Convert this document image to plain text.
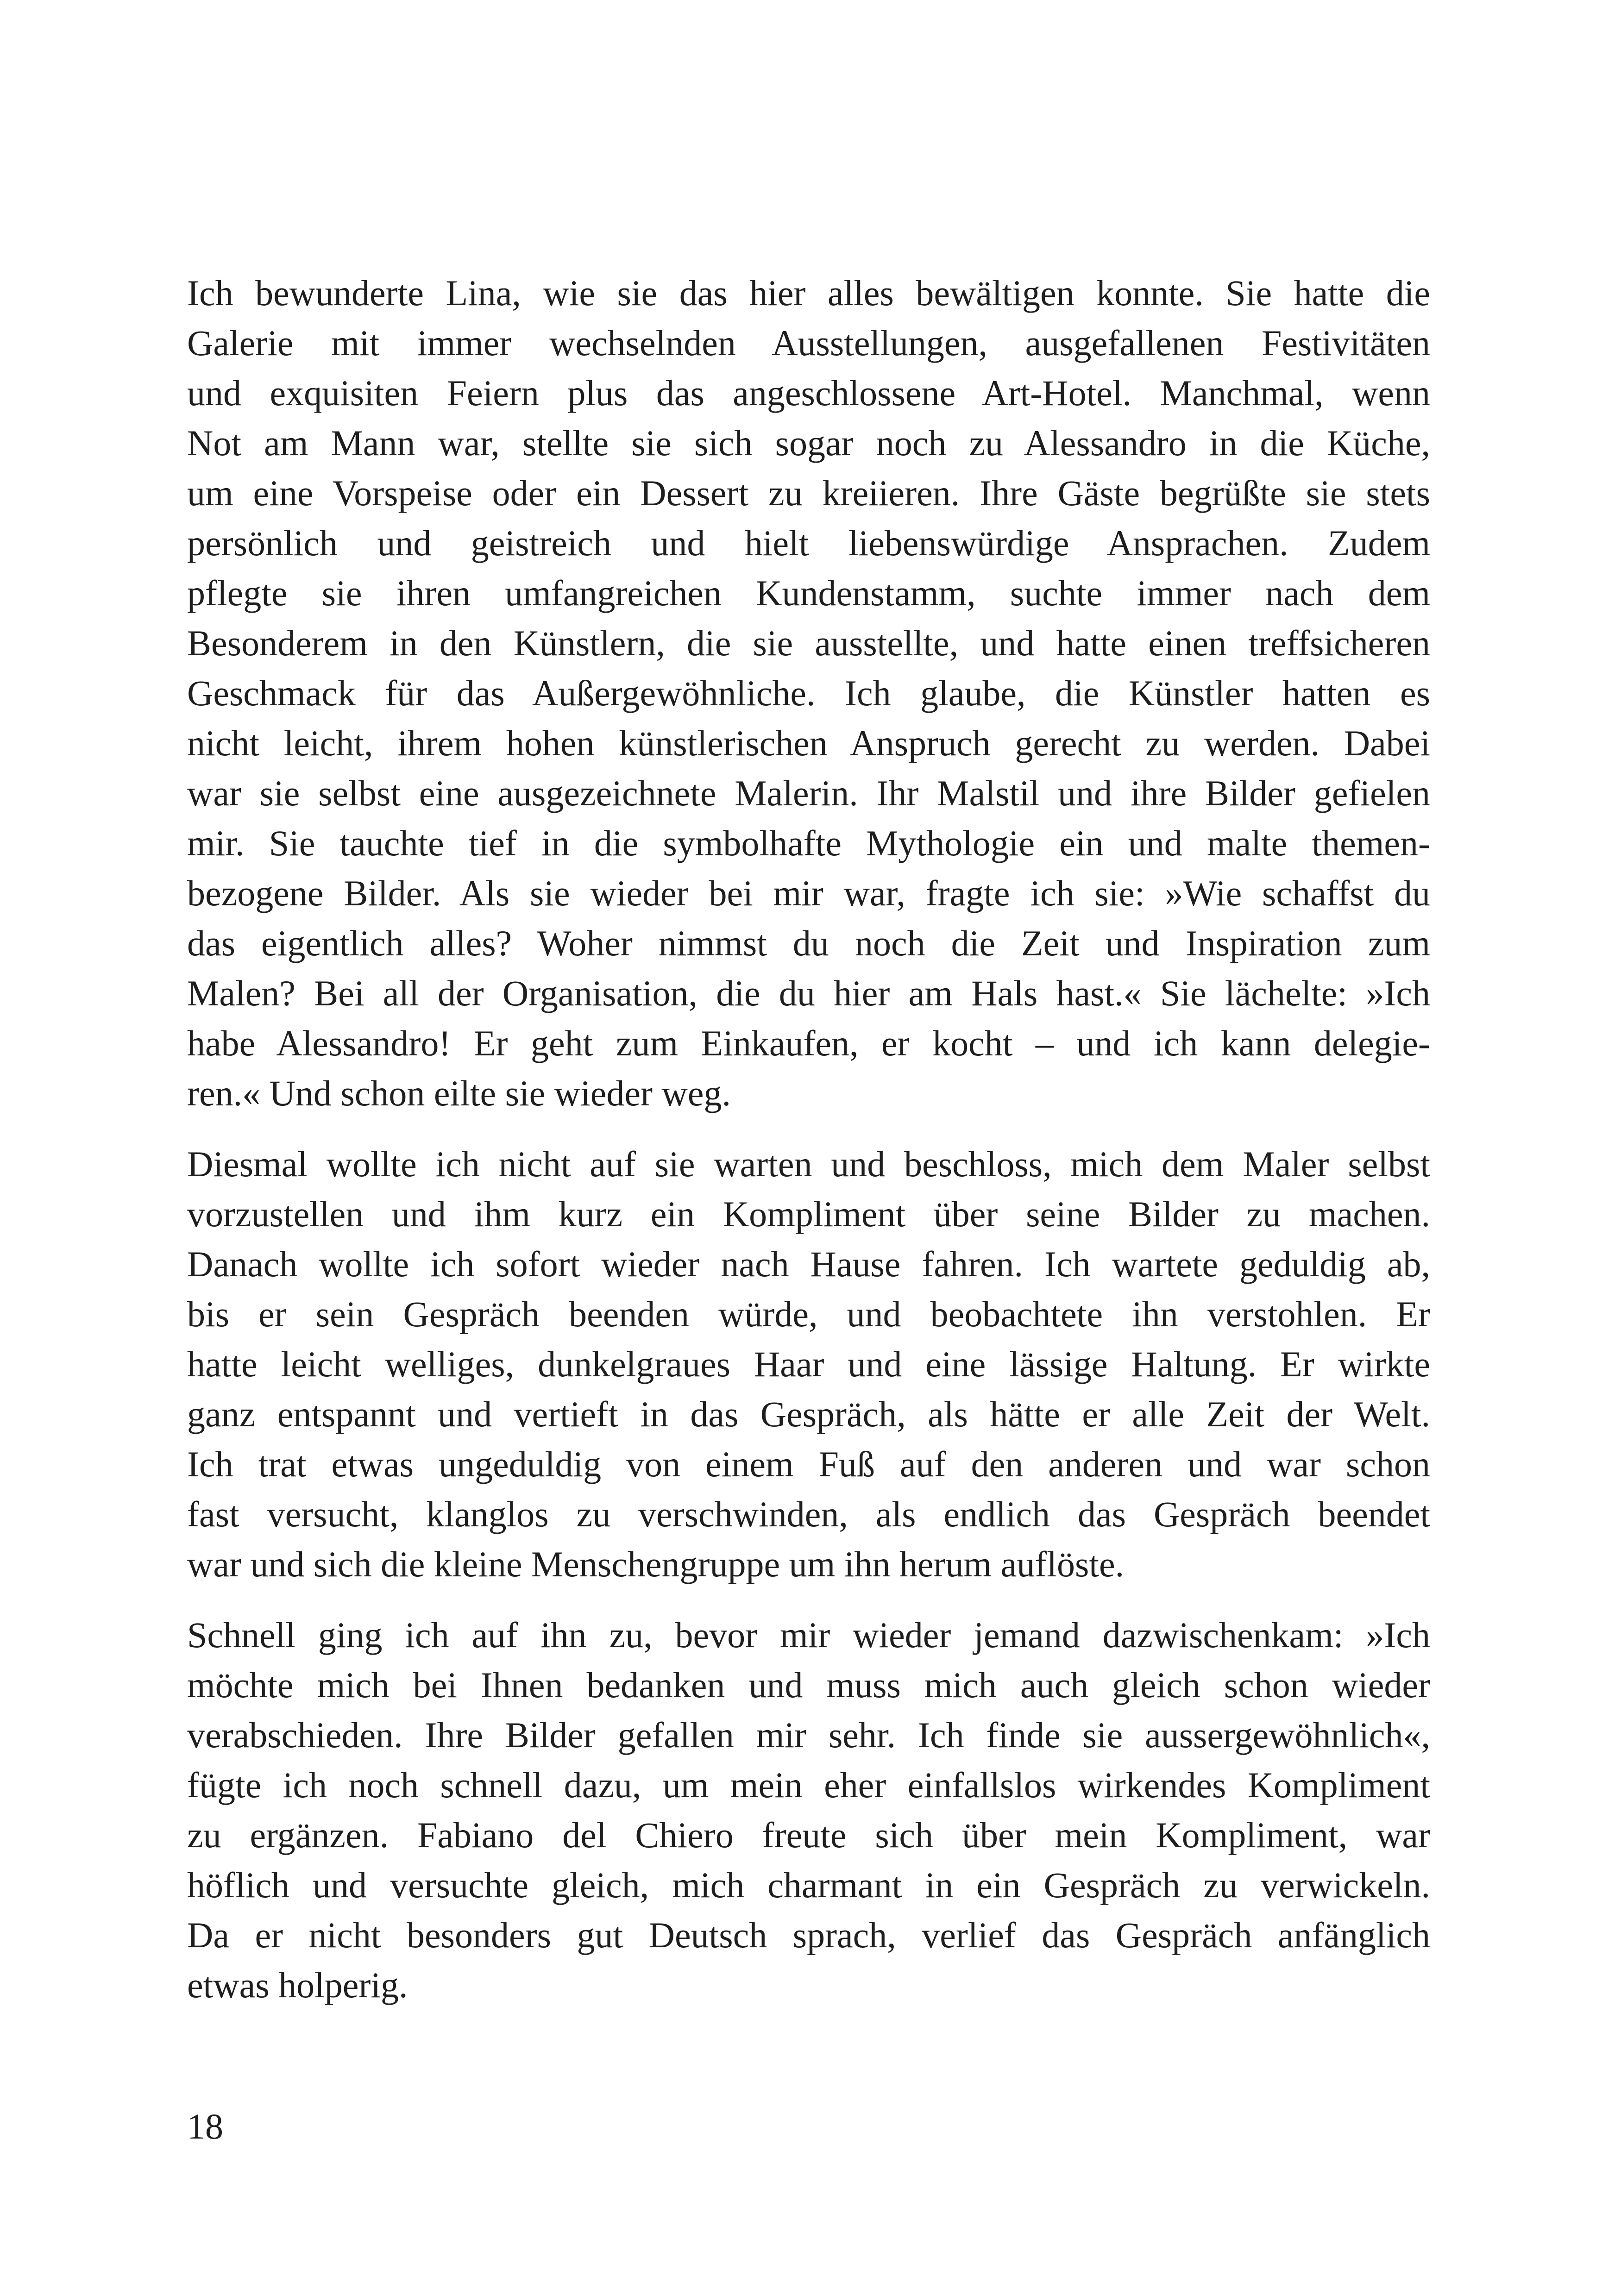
Ich bewunderte Lina, wie sie das hier alles bewältigen konnte. Sie hatte die
Galerie mit immer wechselnden Ausstellungen, ausgefallenen Festivitäten
und exquisiten Feiern plus das angeschlossene Art-Hotel. Manchmal, wenn
Not am Mann war, stellte sie sich sogar noch zu Alessandro in die Küche,
um eine Vorspeise oder ein Dessert zu kreiieren. Ihre Gäste begrüßte sie stets
persönlich und geistreich und hielt liebenswürdige Ansprachen. Zudem
pflegte sie ihren umfangreichen Kundenstamm, suchte immer nach dem
Besonderem in den Künstlern, die sie ausstellte, und hatte einen treffsicheren
Geschmack für das Außergewöhnliche. Ich glaube, die Künstler hatten es
nicht leicht, ihrem hohen künstlerischen Anspruch gerecht zu werden. Dabei
war sie selbst eine ausgezeichnete Malerin. Ihr Malstil und ihre Bilder gefielen
mir. Sie tauchte tief in die symbolhafte Mythologie ein und malte themen-
bezogene Bilder. Als sie wieder bei mir war, fragte ich sie: »Wie schaffst du
das eigentlich alles? Woher nimmst du noch die Zeit und Inspiration zum
Malen? Bei all der Organisation, die du hier am Hals hast.« Sie lächelte: »Ich
habe Alessandro! Er geht zum Einkaufen, er kocht – und ich kann delegie-
ren.« Und schon eilte sie wieder weg.
Diesmal wollte ich nicht auf sie warten und beschloss, mich dem Maler selbst
vorzustellen und ihm kurz ein Kompliment über seine Bilder zu machen.
Danach wollte ich sofort wieder nach Hause fahren. Ich wartete geduldig ab,
bis er sein Gespräch beenden würde, und beobachtete ihn verstohlen. Er
hatte leicht welliges, dunkelgraues Haar und eine lässige Haltung. Er wirkte
ganz entspannt und vertieft in das Gespräch, als hätte er alle Zeit der Welt.
Ich trat etwas ungeduldig von einem Fuß auf den anderen und war schon
fast versucht, klanglos zu verschwinden, als endlich das Gespräch beendet
war und sich die kleine Menschengruppe um ihn herum auflöste.
Schnell ging ich auf ihn zu, bevor mir wieder jemand dazwischenkam: »Ich
möchte mich bei Ihnen bedanken und muss mich auch gleich schon wieder
verabschieden. Ihre Bilder gefallen mir sehr. Ich finde sie aussergewöhnlich«,
fügte ich noch schnell dazu, um mein eher einfallslos wirkendes Kompliment
zu ergänzen. Fabiano del Chiero freute sich über mein Kompliment, war
höflich und versuchte gleich, mich charmant in ein Gespräch zu verwickeln.
Da er nicht besonders gut Deutsch sprach, verlief das Gespräch anfänglich
etwas holperig.
18
